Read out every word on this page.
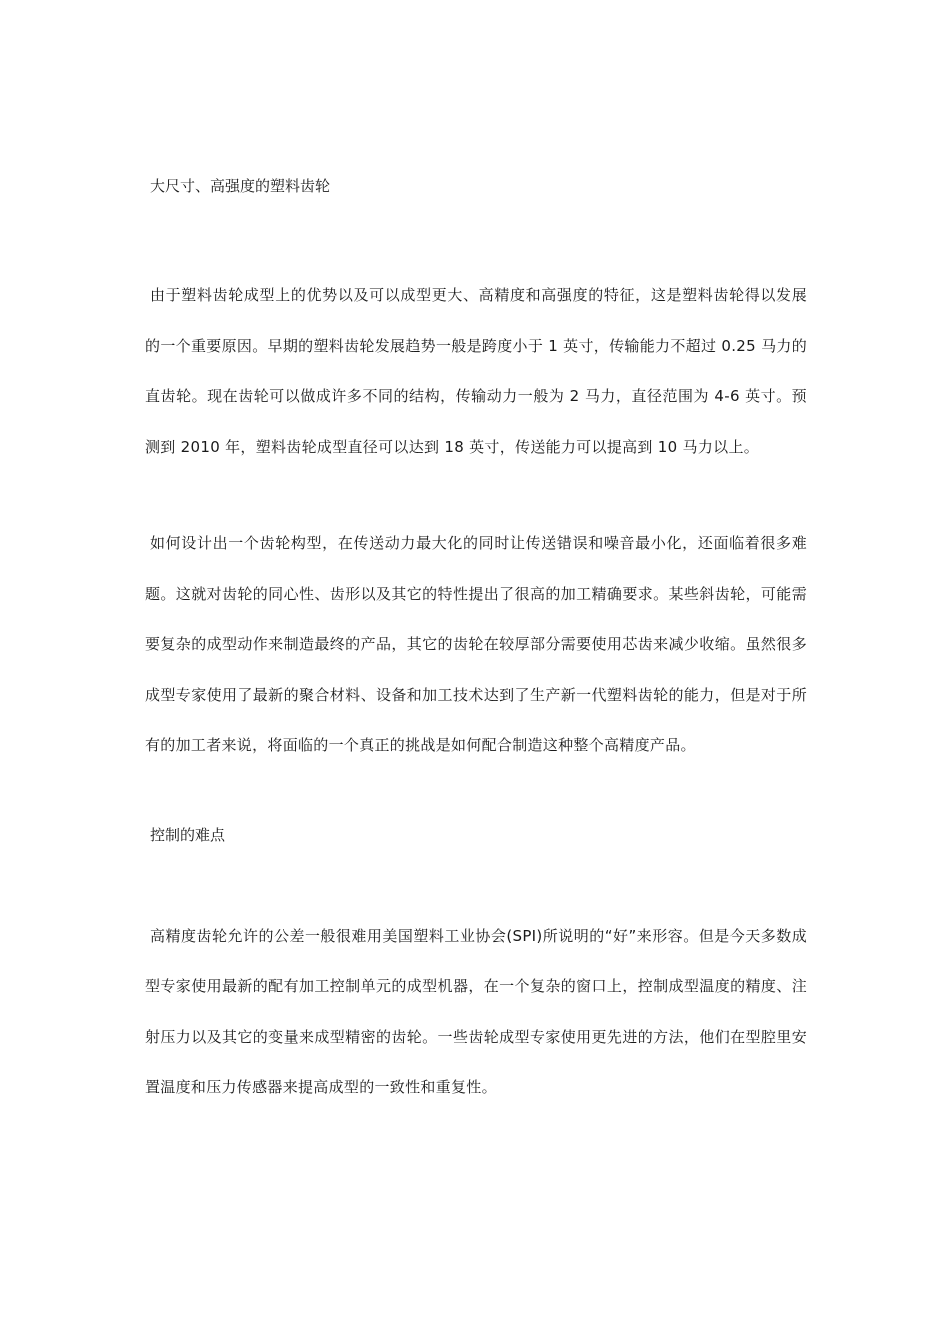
大尺寸、高强度的塑料齿轮

由于塑料齿轮成型上的优势以及可以成型更大、高精度和高强度的特征，这是塑料齿轮得以发展的一个重要原因。早期的塑料齿轮发展趋势一般是跨度小于 1 英寸，传输能力不超过 0.25 马力的直齿轮。现在齿轮可以做成许多不同的结构，传输动力一般为 2 马力，直径范围为 4-6 英寸。预测到 2010 年，塑料齿轮成型直径可以达到 18 英寸，传送能力可以提高到 10 马力以上。

如何设计出一个齿轮构型，在传送动力最大化的同时让传送错误和噪音最小化，还面临着很多难题。这就对齿轮的同心性、齿形以及其它的特性提出了很高的加工精确要求。某些斜齿轮，可能需要复杂的成型动作来制造最终的产品，其它的齿轮在较厚部分需要使用芯齿来减少收缩。虽然很多成型专家使用了最新的聚合材料、设备和加工技术达到了生产新一代塑料齿轮的能力，但是对于所有的加工者来说，将面临的一个真正的挑战是如何配合制造这种整个高精度产品。

控制的难点

高精度齿轮允许的公差一般很难用美国塑料工业协会(SPI)所说明的“好”来形容。但是今天多数成型专家使用最新的配有加工控制单元的成型机器，在一个复杂的窗口上，控制成型温度的精度、注射压力以及其它的变量来成型精密的齿轮。一些齿轮成型专家使用更先进的方法，他们在型腔里安置温度和压力传感器来提高成型的一致性和重复性。
